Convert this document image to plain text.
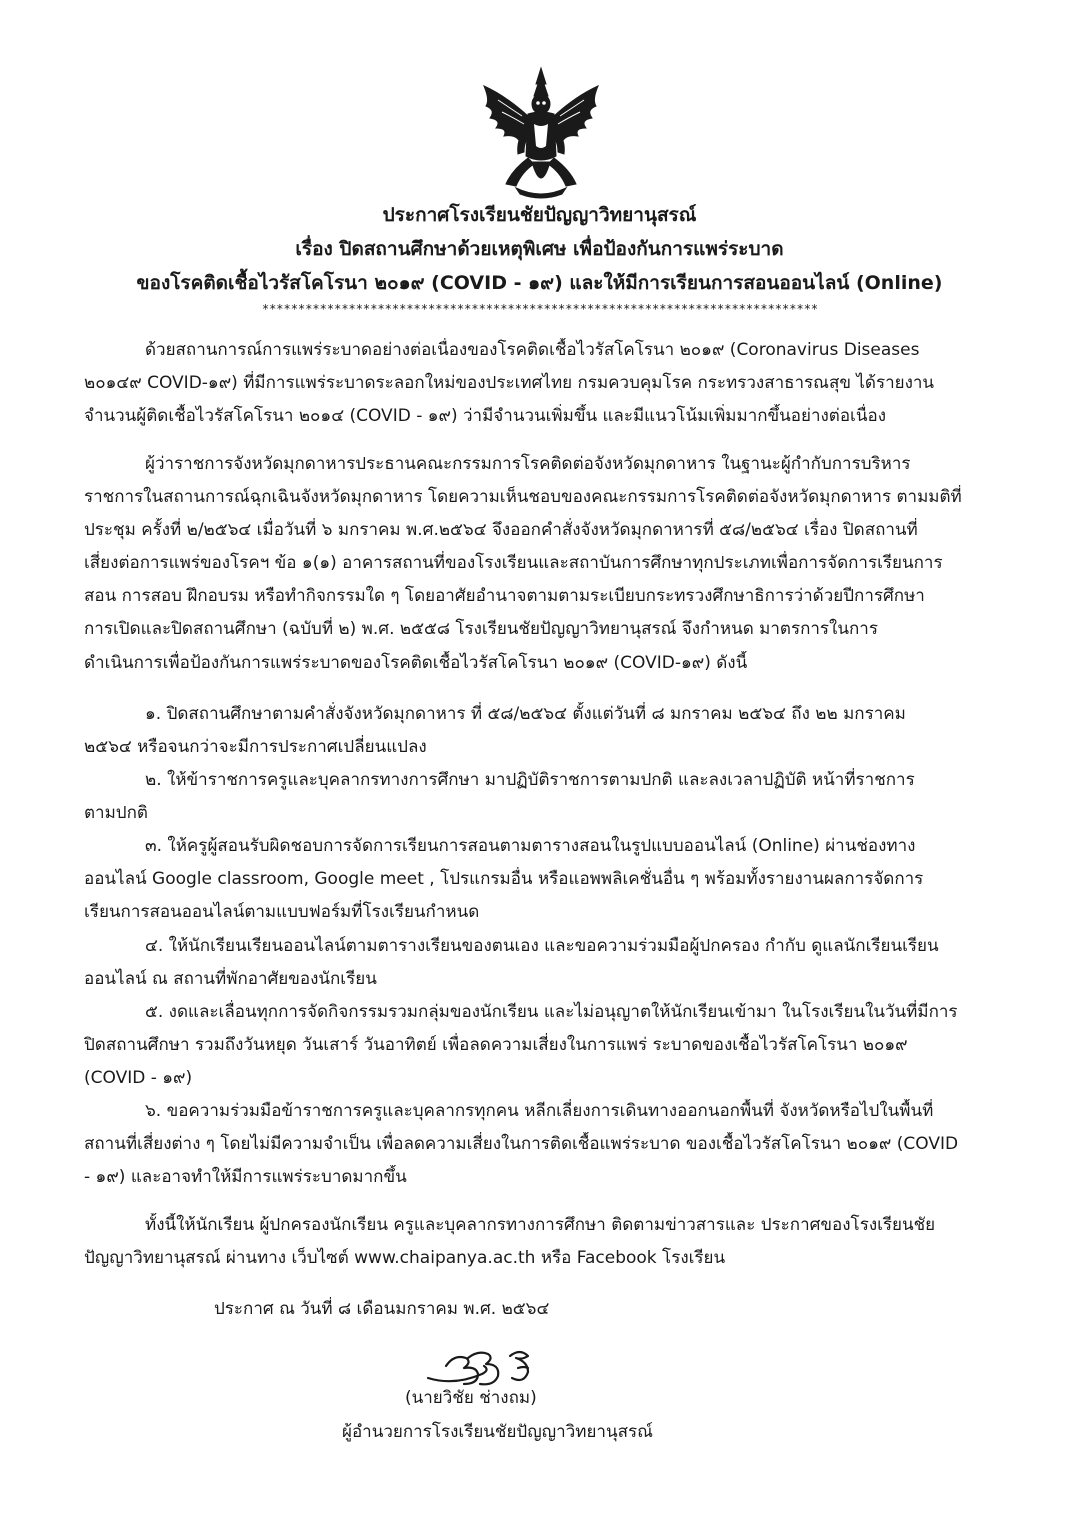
ประกาศโรงเรียนชัยปัญญาวิทยานุสรณ์
เรื่อง ปิดสถานศึกษาด้วยเหตุพิเศษ เพื่อป้องกันการแพร่ระบาด
ของโรคติดเชื้อไวรัสโคโรนา ๒๐๑๙ (COVID - ๑๙) และให้มีการเรียนการสอนออนไลน์ (Online)
*****************************************************************************
ด้วยสถานการณ์การแพร่ระบาดอย่างต่อเนื่องของโรคติดเชื้อไวรัสโคโรนา ๒๐๑๙ (Coronavirus Diseases
๒๐๑๔๙ COVID-๑๙) ที่มีการแพร่ระบาดระลอกใหม่ของประเทศไทย กรมควบคุมโรค กระทรวงสาธารณสุข ได้รายงาน
จำนวนผู้ติดเชื้อไวรัสโคโรนา ๒๐๑๔ (COVID - ๑๙) ว่ามีจำนวนเพิ่มขึ้น และมีแนวโน้มเพิ่มมากขึ้นอย่างต่อเนื่อง
ผู้ว่าราชการจังหวัดมุกดาหารประธานคณะกรรมการโรคติดต่อจังหวัดมุกดาหาร ในฐานะผู้กำกับการบริหาร
ราชการในสถานการณ์ฉุกเฉินจังหวัดมุกดาหาร โดยความเห็นชอบของคณะกรรมการโรคติดต่อจังหวัดมุกดาหาร ตามมติที่
ประชุม ครั้งที่ ๒/๒๕๖๔ เมื่อวันที่ ๖ มกราคม พ.ศ.๒๕๖๔ จึงออกคำสั่งจังหวัดมุกดาหารที่ ๕๘/๒๕๖๔ เรื่อง ปิดสถานที่
เสี่ยงต่อการแพร่ของโรคฯ ข้อ ๑(๑) อาคารสถานที่ของโรงเรียนและสถาบันการศึกษาทุกประเภทเพื่อการจัดการเรียนการ
สอน การสอบ ฝึกอบรม หรือทำกิจกรรมใด ๆ โดยอาศัยอำนาจตามตามระเบียบกระทรวงศึกษาธิการว่าด้วยปีการศึกษา
การเปิดและปิดสถานศึกษา (ฉบับที่ ๒) พ.ศ. ๒๕๕๘ โรงเรียนชัยปัญญาวิทยานุสรณ์ จึงกำหนด มาตรการในการ
ดำเนินการเพื่อป้องกันการแพร่ระบาดของโรคติดเชื้อไวรัสโคโรนา ๒๐๑๙ (COVID-๑๙) ดังนี้
๑. ปิดสถานศึกษาตามคำสั่งจังหวัดมุกดาหาร ที่ ๕๘/๒๕๖๔ ตั้งแต่วันที่ ๘ มกราคม ๒๕๖๔ ถึง ๒๒ มกราคม
๒๕๖๔ หรือจนกว่าจะมีการประกาศเปลี่ยนแปลง
๒. ให้ข้าราชการครูและบุคลากรทางการศึกษา มาปฏิบัติราชการตามปกติ และลงเวลาปฏิบัติ หน้าที่ราชการ
ตามปกติ
๓. ให้ครูผู้สอนรับผิดชอบการจัดการเรียนการสอนตามตารางสอนในรูปแบบออนไลน์ (Online) ผ่านช่องทาง
ออนไลน์ Google classroom, Google meet , โปรแกรมอื่น หรือแอพพลิเคชั่นอื่น ๆ พร้อมทั้งรายงานผลการจัดการ
เรียนการสอนออนไลน์ตามแบบฟอร์มที่โรงเรียนกำหนด
๔. ให้นักเรียนเรียนออนไลน์ตามตารางเรียนของตนเอง และขอความร่วมมือผู้ปกครอง กำกับ ดูแลนักเรียนเรียน
ออนไลน์ ณ สถานที่พักอาศัยของนักเรียน
๕. งดและเลื่อนทุกการจัดกิจกรรมรวมกลุ่มของนักเรียน และไม่อนุญาตให้นักเรียนเข้ามา ในโรงเรียนในวันที่มีการ
ปิดสถานศึกษา รวมถึงวันหยุด วันเสาร์ วันอาทิตย์ เพื่อลดความเสี่ยงในการแพร่ ระบาดของเชื้อไวรัสโคโรนา ๒๐๑๙
(COVID - ๑๙)
๖. ขอความร่วมมือข้าราชการครูและบุคลากรทุกคน หลีกเลี่ยงการเดินทางออกนอกพื้นที่ จังหวัดหรือไปในพื้นที่
สถานที่เสี่ยงต่าง ๆ โดยไม่มีความจำเป็น เพื่อลดความเสี่ยงในการติดเชื้อแพร่ระบาด ของเชื้อไวรัสโคโรนา ๒๐๑๙ (COVID
- ๑๙) และอาจทำให้มีการแพร่ระบาดมากขึ้น
ทั้งนี้ให้นักเรียน ผู้ปกครองนักเรียน ครูและบุคลากรทางการศึกษา ติดตามข่าวสารและ ประกาศของโรงเรียนชัย
ปัญญาวิทยานุสรณ์ ผ่านทาง เว็บไซต์ www.chaipanya.ac.th หรือ Facebook โรงเรียน
ประกาศ ณ วันที่ ๘ เดือนมกราคม พ.ศ. ๒๕๖๔
(นายวิชัย ช่างถม)
ผู้อำนวยการโรงเรียนชัยปัญญาวิทยานุสรณ์
